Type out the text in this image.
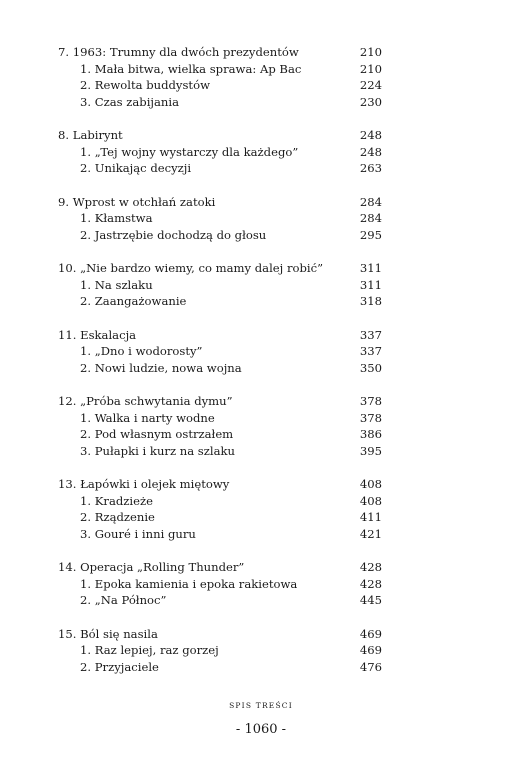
7. 1963: Trumny dla dwóch prezydentów	210
1. Mała bitwa, wielka sprawa: Ap Bac	210
2. Rewolta buddystów	224
3. Czas zabijania	230
8. Labirynt	248
1. „Tej wojny wystarczy dla każdego”	248
2. Unikając decyzji	263
9. Wprost w otchłań zatoki	284
1. Kłamstwa	284
2. Jastrzębie dochodzą do głosu	295
10. „Nie bardzo wiemy, co mamy dalej robić”	311
1. Na szlaku	311
2. Zaangażowanie	318
11. Eskalacja	337
1. „Dno i wodorosty”	337
2. Nowi ludzie, nowa wojna	350
12. „Próba schwytania dymu”	378
1. Walka i narty wodne	378
2. Pod własnym ostrzałem	386
3. Pułapki i kurz na szlaku	395
13. Łapówki i olejek miętowy	408
1. Kradzieże	408
2. Rządzenie	411
3. Gouré i inni guru	421
14. Operacja „Rolling Thunder”	428
1. Epoka kamienia i epoka rakietowa	428
2. „Na Północ”	445
15. Ból się nasila	469
1. Raz lepiej, raz gorzej	469
2. Przyjaciele	476
SPIS TREŚCI
- 1060 -
